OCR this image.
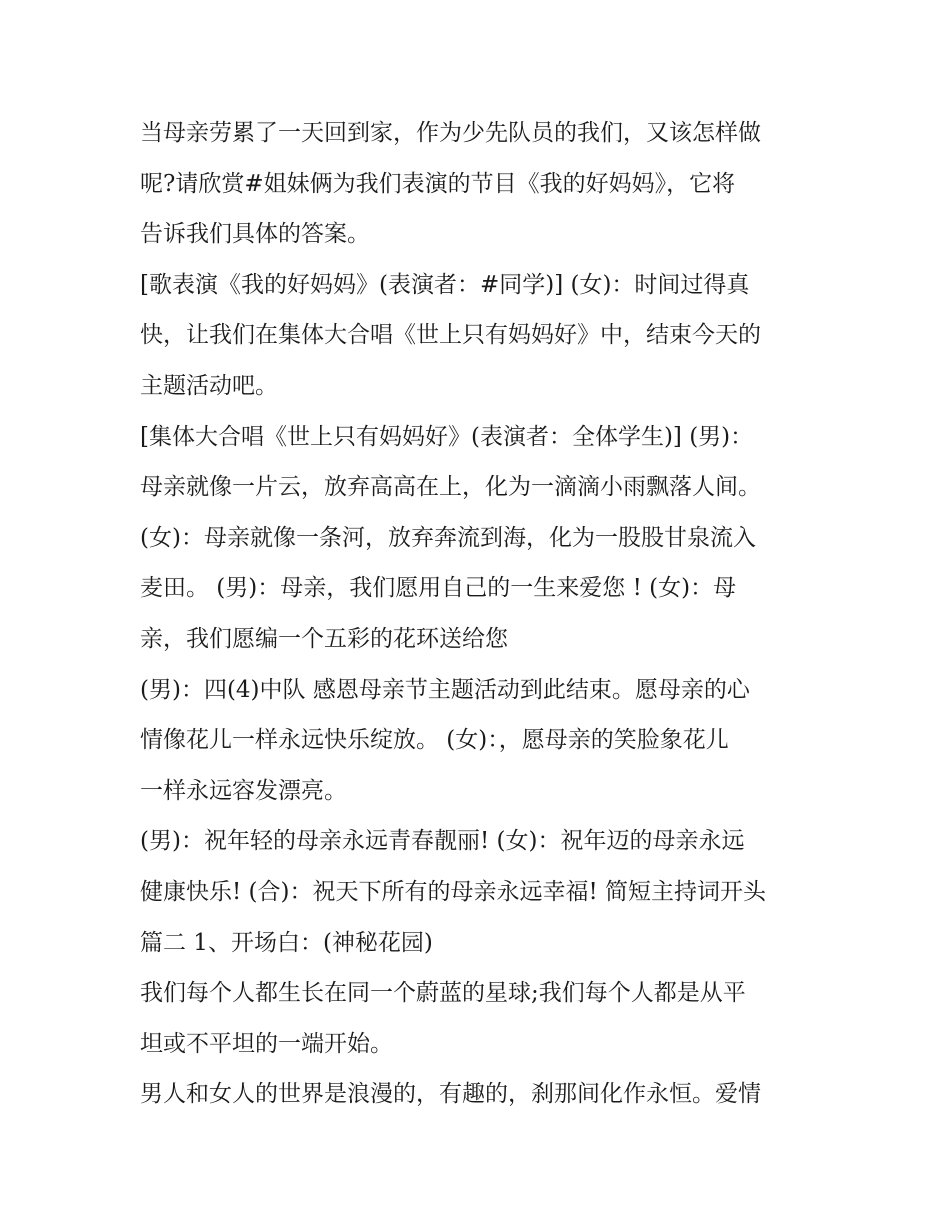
当母亲劳累了一天回到家，作为少先队员的我们，又该怎样做
呢?请欣赏#姐妹俩为我们表演的节目《我的好妈妈》，它将
告诉我们具体的答案。
[歌表演《我的好妈妈》(表演者：#同学)] (女)：时间过得真
快，让我们在集体大合唱《世上只有妈妈好》中，结束今天的
主题活动吧。
[集体大合唱《世上只有妈妈好》(表演者：全体学生)] (男)：
母亲就像一片云，放弃高高在上，化为一滴滴小雨飘落人间。
(女)：母亲就像一条河，放弃奔流到海，化为一股股甘泉流入
麦田。 (男)：母亲，我们愿用自己的一生来爱您 ! (女)：母
亲，我们愿编一个五彩的花环送给您
(男)：四(4)中队 感恩母亲节主题活动到此结束。愿母亲的心
情像花儿一样永远快乐绽放。 (女)：，愿母亲的笑脸象花儿
一样永远容发漂亮。
(男)：祝年轻的母亲永远青春靓丽! (女)：祝年迈的母亲永远
健康快乐! (合)：祝天下所有的母亲永远幸福! 简短主持词开头
篇二 1、开场白：(神秘花园)
我们每个人都生长在同一个蔚蓝的星球;我们每个人都是从平
坦或不平坦的一端开始。
男人和女人的世界是浪漫的，有趣的，刹那间化作永恒。爱情
